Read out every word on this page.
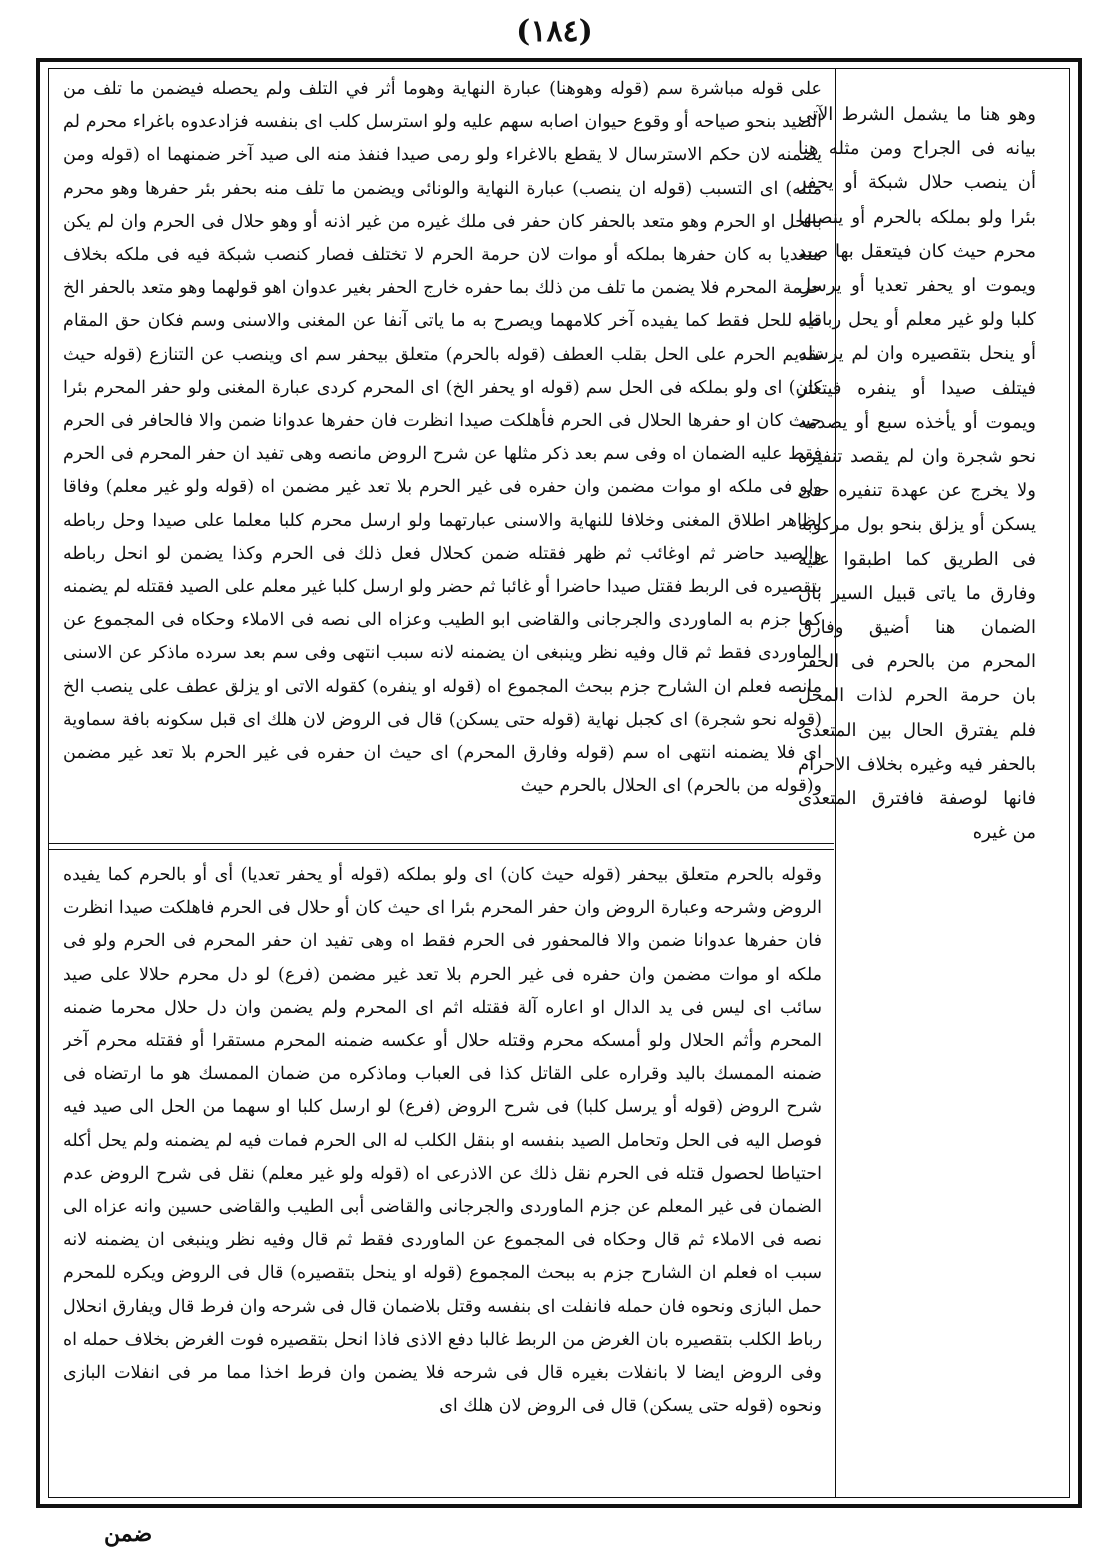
(١٨٤)

على قوله مباشرة سم (قوله وهوهنا) عبارة النهاية وهوما أثر في التلف ولم يحصله فيضمن ما تلف من الصيد بنحو صياحه أو وقوع حيوان اصابه سهم عليه ولو استرسل كلب اى بنفسه فزادعدوه باغراء محرم لم يضمنه لان حكم الاسترسال لا يقطع بالاغراء ولو رمى صيدا فنفذ منه الى صيد آخر ضمنهما اه (قوله ومن مثله) اى التسبب (قوله ان ينصب) عبارة النهاية والونائى ويضمن ما تلف منه بحفر بئر حفرها وهو محرم بالحل او الحرم وهو متعد بالحفر كان حفر فى ملك غيره من غير اذنه أو وهو حلال فى الحرم وان لم يكن متعديا به كان حفرها بملكه أو موات لان حرمة الحرم لا تختلف فصار كنصب شبكة فيه فى ملكه بخلاف حرمة المحرم فلا يضمن ما تلف من ذلك بما حفره خارج الحفر بغير عدوان اهو قولهما وهو متعد بالحفر الخ قيد للحل فقط كما يفيده آخر كلامهما ويصرح به ما ياتى آنفا عن المغنى والاسنى وسم فكان حق المقام تقديم الحرم على الحل بقلب العطف (قوله بالحرم) متعلق بيحفر سم اى وينصب عن التنازع (قوله حيث كان) اى ولو بملكه فى الحل سم (قوله او يحفر الخ) اى المحرم كردى عبارة المغنى ولو حفر المحرم بئرا حيث كان او حفرها الحلال فى الحرم فأهلكت صيدا انظرت فان حفرها عدوانا ضمن والا فالحافر فى الحرم فقط عليه الضمان اه وفى سم بعد ذكر مثلها عن شرح الروض مانصه وهى تفيد ان حفر المحرم فى الحرم ولو فى ملكه او موات مضمن وان حفره فى غير الحرم بلا تعد غير مضمن اه (قوله ولو غير معلم) وفاقا لظاهر اطلاق المغنى وخلافا للنهاية والاسنى عبارتهما ولو ارسل محرم كلبا معلما على صيدا وحل رباطه والصيد حاضر ثم اوغائب ثم ظهر فقتله ضمن كحلال فعل ذلك فى الحرم وكذا يضمن لو انحل رباطه بتقصيره فى الربط فقتل صيدا حاضرا أو غائبا ثم حضر ولو ارسل كلبا غير معلم على الصيد فقتله لم يضمنه كما جزم به الماوردى والجرجانى والقاضى ابو الطيب وعزاه الى نصه فى الاملاء وحكاه فى المجموع عن الماوردى فقط ثم قال وفيه نظر وينبغى ان يضمنه لانه سبب انتهى وفى سم بعد سرده ماذكر عن الاسنى مانصه فعلم ان الشارح جزم ببحث المجموع اه (قوله او ينفره) كقوله الاتى او يزلق عطف على ينصب الخ (قوله نحو شجرة) اى كجبل نهاية (قوله حتى يسكن) قال فى الروض لان هلك اى قبل سكونه بافة سماوية اى فلا يضمنه انتهى اه سم (قوله وفارق المحرم) اى حيث ان حفره فى غير الحرم بلا تعد غير مضمن و(قوله من بالحرم) اى الحلال بالحرم حيث

وقوله بالحرم متعلق بيحفر (قوله حيث كان) اى ولو بملكه (قوله أو يحفر تعديا) أى أو بالحرم كما يفيده الروض وشرحه وعبارة الروض وان حفر المحرم بئرا اى حيث كان أو حلال فى الحرم فاهلكت صيدا انظرت فان حفرها عدوانا ضمن والا فالمحفور فى الحرم فقط اه وهى تفيد ان حفر المحرم فى الحرم ولو فى ملكه او موات مضمن وان حفره فى غير الحرم بلا تعد غير مضمن (فرع) لو دل محرم حلالا على صيد سائب اى ليس فى يد الدال او اعاره آلة فقتله اثم اى المحرم ولم يضمن وان دل حلال محرما ضمنه المحرم وأثم الحلال ولو أمسكه محرم وقتله حلال أو عكسه ضمنه المحرم مستقرا أو فقتله محرم آخر ضمنه الممسك باليد وقراره على القاتل كذا فى العباب وماذكره من ضمان الممسك هو ما ارتضاه فى شرح الروض (قوله أو يرسل كلبا) فى شرح الروض (فرع) لو ارسل كلبا او سهما من الحل الى صيد فيه فوصل اليه فى الحل وتحامل الصيد بنفسه او بنقل الكلب له الى الحرم فمات فيه لم يضمنه ولم يحل أكله احتياطا لحصول قتله فى الحرم نقل ذلك عن الاذرعى اه (قوله ولو غير معلم) نقل فى شرح الروض عدم الضمان فى غير المعلم عن جزم الماوردى والجرجانى والقاضى أبى الطيب والقاضى حسين وانه عزاه الى نصه فى الاملاء ثم قال وحكاه فى المجموع عن الماوردى فقط ثم قال وفيه نظر وينبغى ان يضمنه لانه سبب اه فعلم ان الشارح جزم به ببحث المجموع (قوله او ينحل بتقصيره) قال فى الروض ويكره للمحرم حمل البازى ونحوه فان حمله فانفلت اى بنفسه وقتل بلاضمان قال فى شرحه وان فرط قال ويفارق انحلال رباط الكلب بتقصيره بان الغرض من الربط غالبا دفع الاذى فاذا انحل بتقصيره فوت الغرض بخلاف حمله اه وفى الروض ايضا لا بانفلات بغيره قال فى شرحه فلا يضمن وان فرط اخذا مما مر فى انفلات البازى ونحوه (قوله حتى يسكن) قال فى الروض لان هلك اى

وهو هنا ما يشمل الشرط الآتى بيانه فى الجراح ومن مثله هنا أن ينصب حلال شبكة أو يحفر بئرا ولو بملكه بالحرم أو ينصبها محرم حيث كان فيتعقل بها صيد ويموت او يحفر تعديا أو يرسل كلبا ولو غير معلم أو يحل رباطه أو ينحل بتقصيره وان لم يرسله فيتلف صيدا أو ينفره فيتعثر ويموت أو يأخذه سبع أو يصدمه نحو شجرة وان لم يقصد تنفيره ولا يخرج عن عهدة تنفيره حتى يسكن أو يزلق بنحو بول مركوبه فى الطريق كما اطبقوا عليه وفارق ما ياتى قبيل السير بان الضمان هنا أضيق وفارق المحرم من بالحرم فى الحفر بان حرمة الحرم لذات المحل فلم يفترق الحال بين المتعدى بالحفر فيه وغيره بخلاف الاحرام فانها لوصفة فافترق المتعدى من غيره

ضمن
